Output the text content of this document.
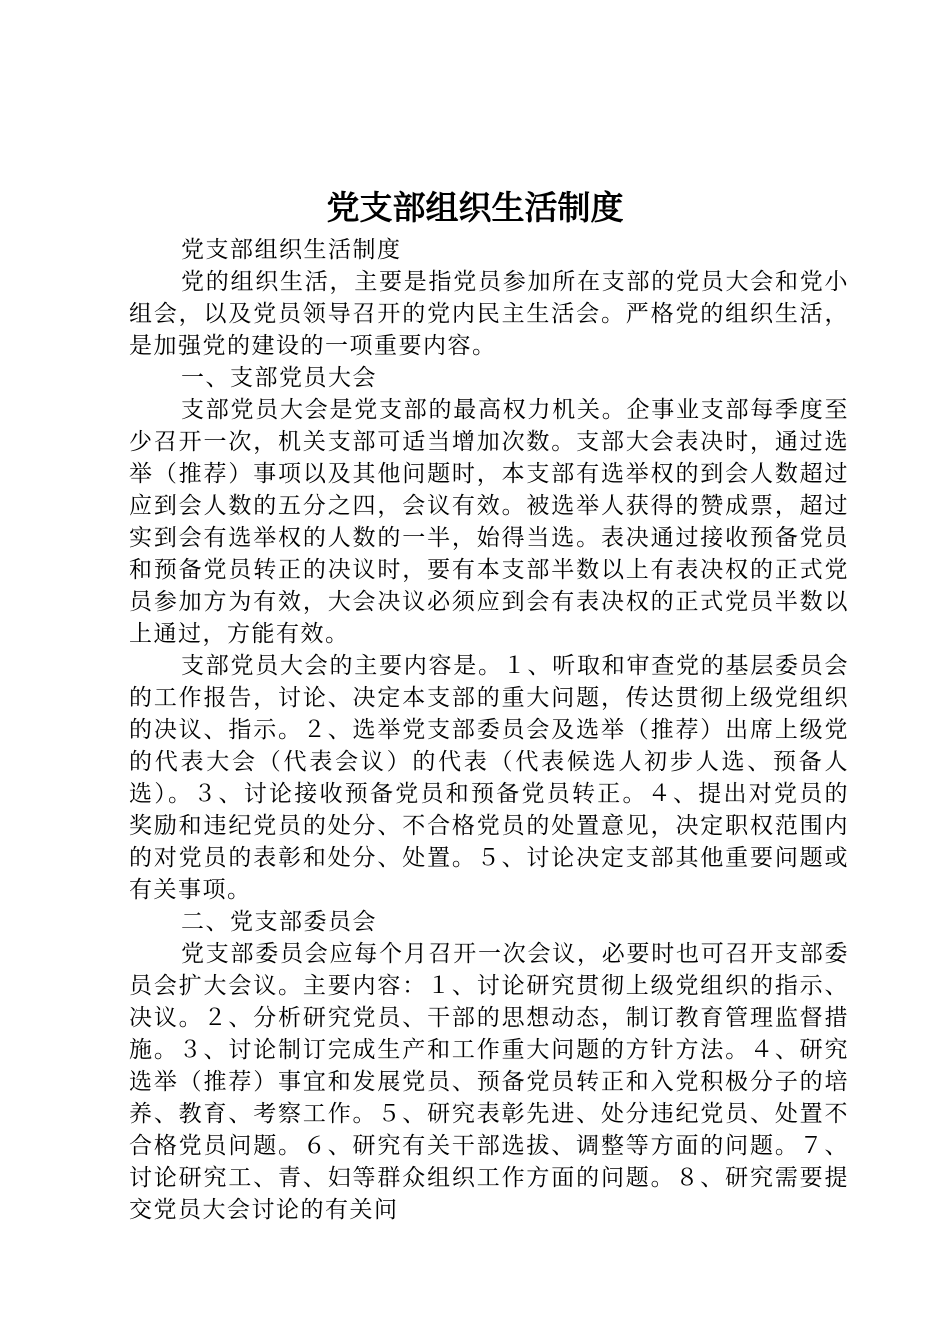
党支部组织生活制度

党支部组织生活制度

党的组织生活，主要是指党员参加所在支部的党员大会和党小组会，以及党员领导召开的党内民主生活会。严格党的组织生活，是加强党的建设的一项重要内容。

一、支部党员大会

支部党员大会是党支部的最高权力机关。企事业支部每季度至少召开一次，机关支部可适当增加次数。支部大会表决时，通过选举（推荐）事项以及其他问题时，本支部有选举权的到会人数超过应到会人数的五分之四，会议有效。被选举人获得的赞成票，超过实到会有选举权的人数的一半，始得当选。表决通过接收预备党员和预备党员转正的决议时，要有本支部半数以上有表决权的正式党员参加方为有效，大会决议必须应到会有表决权的正式党员半数以上通过，方能有效。

支部党员大会的主要内容是。１、听取和审查党的基层委员会的工作报告，讨论、决定本支部的重大问题，传达贯彻上级党组织的决议、指示。２、选举党支部委员会及选举（推荐）出席上级党的代表大会（代表会议）的代表（代表候选人初步人选、预备人选）。３、讨论接收预备党员和预备党员转正。４、提出对党员的奖励和违纪党员的处分、不合格党员的处置意见，决定职权范围内的对党员的表彰和处分、处置。５、讨论决定支部其他重要问题或有关事项。

二、党支部委员会

党支部委员会应每个月召开一次会议，必要时也可召开支部委员会扩大会议。主要内容：１、讨论研究贯彻上级党组织的指示、决议。２、分析研究党员、干部的思想动态，制订教育管理监督措施。３、讨论制订完成生产和工作重大问题的方针方法。４、研究选举（推荐）事宜和发展党员、预备党员转正和入党积极分子的培养、教育、考察工作。５、研究表彰先进、处分违纪党员、处置不合格党员问题。６、研究有关干部选拔、调整等方面的问题。７、讨论研究工、青、妇等群众组织工作方面的问题。８、研究需要提交党员大会讨论的有关问
